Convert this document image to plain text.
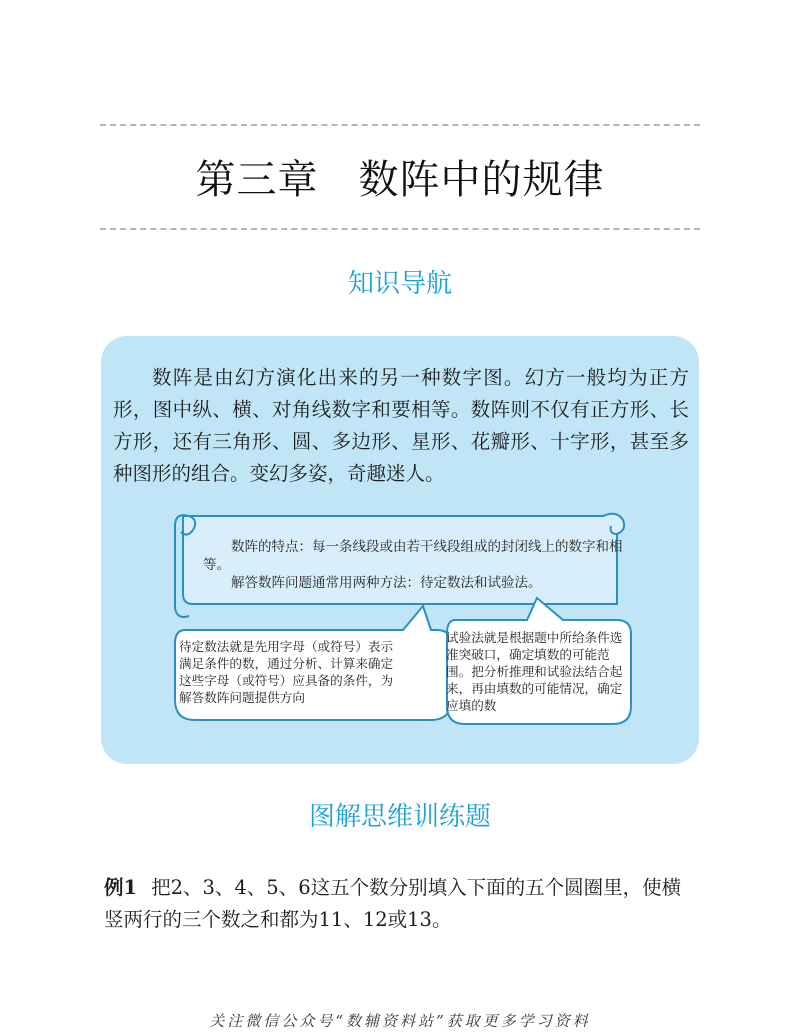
第三章 数阵中的规律
知识导航

数阵是由幻方演化出来的另一种数字图。幻方一般均为正方形，图中纵、横、对角线数字和要相等。数阵则不仅有正方形、长方形，还有三角形、圆、多边形、星形、花瓣形、十字形，甚至多种图形的组合。变幻多姿，奇趣迷人。

数阵的特点：每一条线段或由若干线段组成的封闭线上的数字和相等。

解答数阵问题通常用两种方法：待定数法和试验法。

待定数法就是先用字母（或符号）表示满足条件的数，通过分析、计算来确定这些字母（或符号）应具备的条件，为解答数阵问题提供方向

试验法就是根据题中所给条件选准突破口，确定填数的可能范围。把分析推理和试验法结合起来，再由填数的可能情况，确定应填的数

图解思维训练题

例1 把2、3、4、5、6这五个数分别填入下面的五个圆圈里，使横竖两行的三个数之和都为11、12或13。

关注微信公众号“数辅资料站”获取更多学习资料
